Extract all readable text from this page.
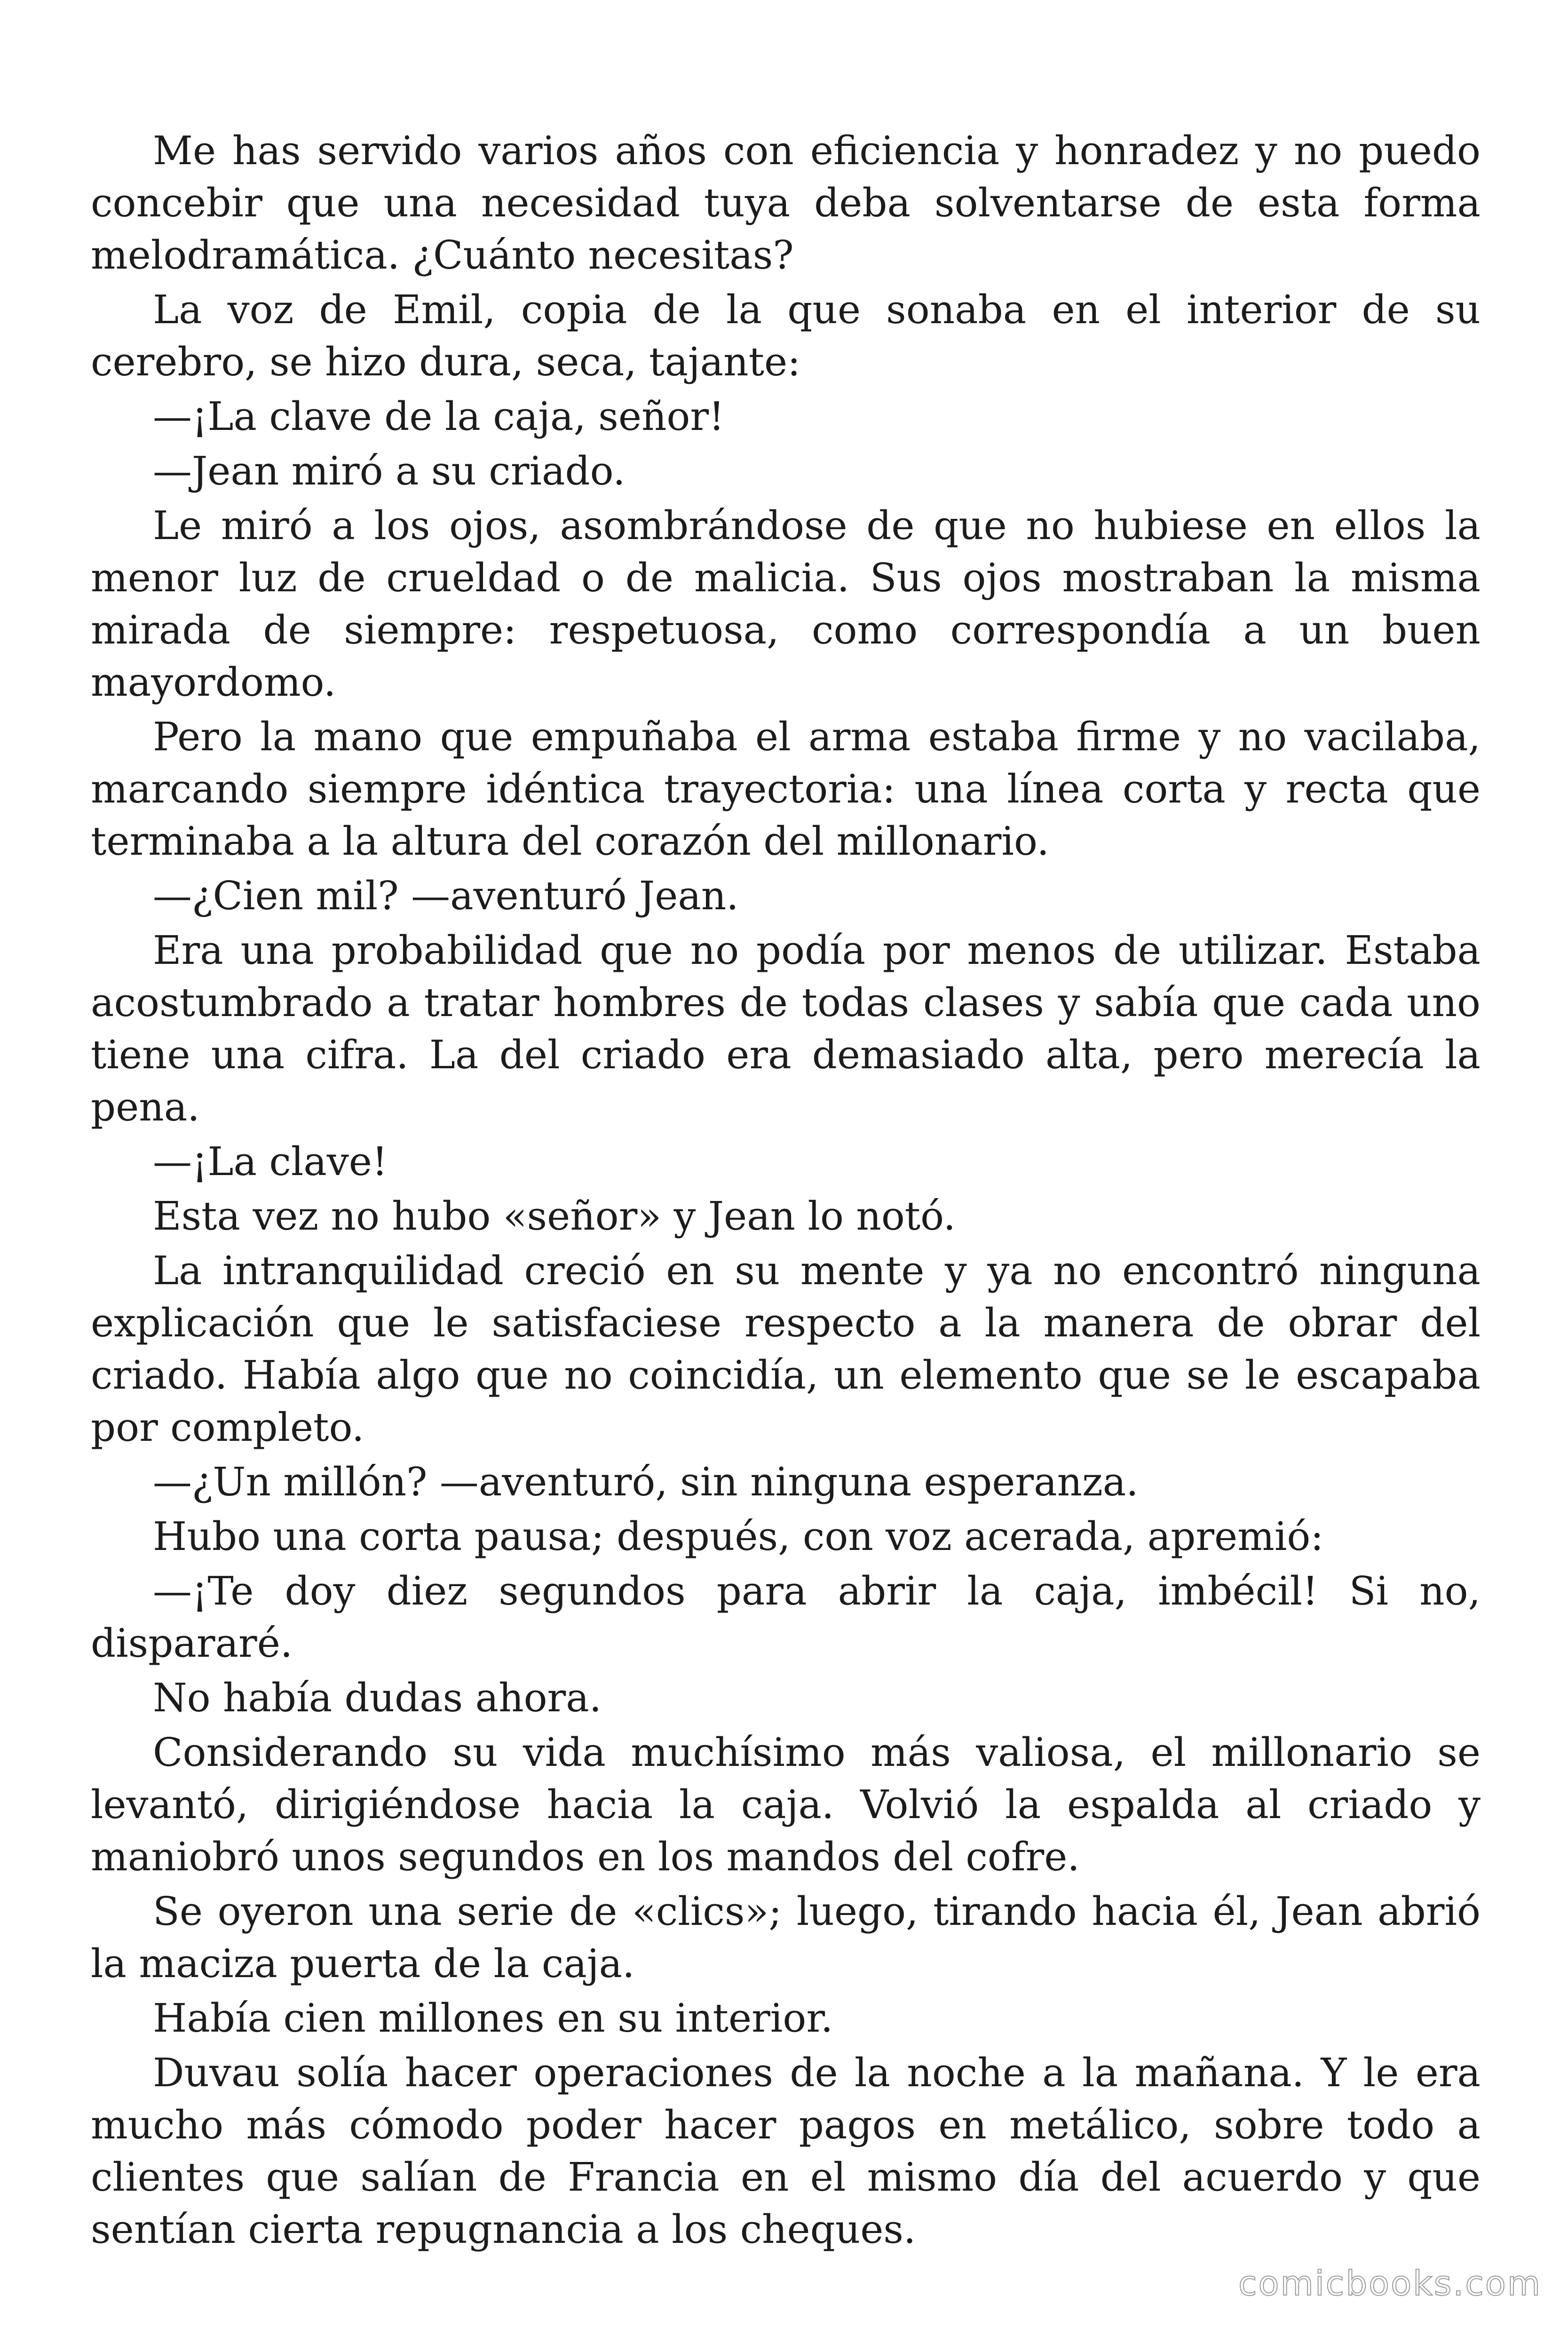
Me has servido varios años con eficiencia y honradez y no puedo concebir que una necesidad tuya deba solventarse de esta forma melodramática. ¿Cuánto necesitas?

La voz de Emil, copia de la que sonaba en el interior de su cerebro, se hizo dura, seca, tajante:

—¡La clave de la caja, señor!

—Jean miró a su criado.

Le miró a los ojos, asombrándose de que no hubiese en ellos la menor luz de crueldad o de malicia. Sus ojos mostraban la misma mirada de siempre: respetuosa, como correspondía a un buen mayordomo.

Pero la mano que empuñaba el arma estaba firme y no vacilaba, marcando siempre idéntica trayectoria: una línea corta y recta que terminaba a la altura del corazón del millonario.

—¿Cien mil? —aventuró Jean.

Era una probabilidad que no podía por menos de utilizar. Estaba acostumbrado a tratar hombres de todas clases y sabía que cada uno tiene una cifra. La del criado era demasiado alta, pero merecía la pena.

—¡La clave!

Esta vez no hubo «señor» y Jean lo notó.

La intranquilidad creció en su mente y ya no encontró ninguna explicación que le satisfaciese respecto a la manera de obrar del criado. Había algo que no coincidía, un elemento que se le escapaba por completo.

—¿Un millón? —aventuró, sin ninguna esperanza.

Hubo una corta pausa; después, con voz acerada, apremió:

—¡Te doy diez segundos para abrir la caja, imbécil! Si no, dispararé.

No había dudas ahora.

Considerando su vida muchísimo más valiosa, el millonario se levantó, dirigiéndose hacia la caja. Volvió la espalda al criado y maniobró unos segundos en los mandos del cofre.

Se oyeron una serie de «clics»; luego, tirando hacia él, Jean abrió la maciza puerta de la caja.

Había cien millones en su interior.

Duvau solía hacer operaciones de la noche a la mañana. Y le era mucho más cómodo poder hacer pagos en metálico, sobre todo a clientes que salían de Francia en el mismo día del acuerdo y que sentían cierta repugnancia a los cheques.

comicbooks.com
